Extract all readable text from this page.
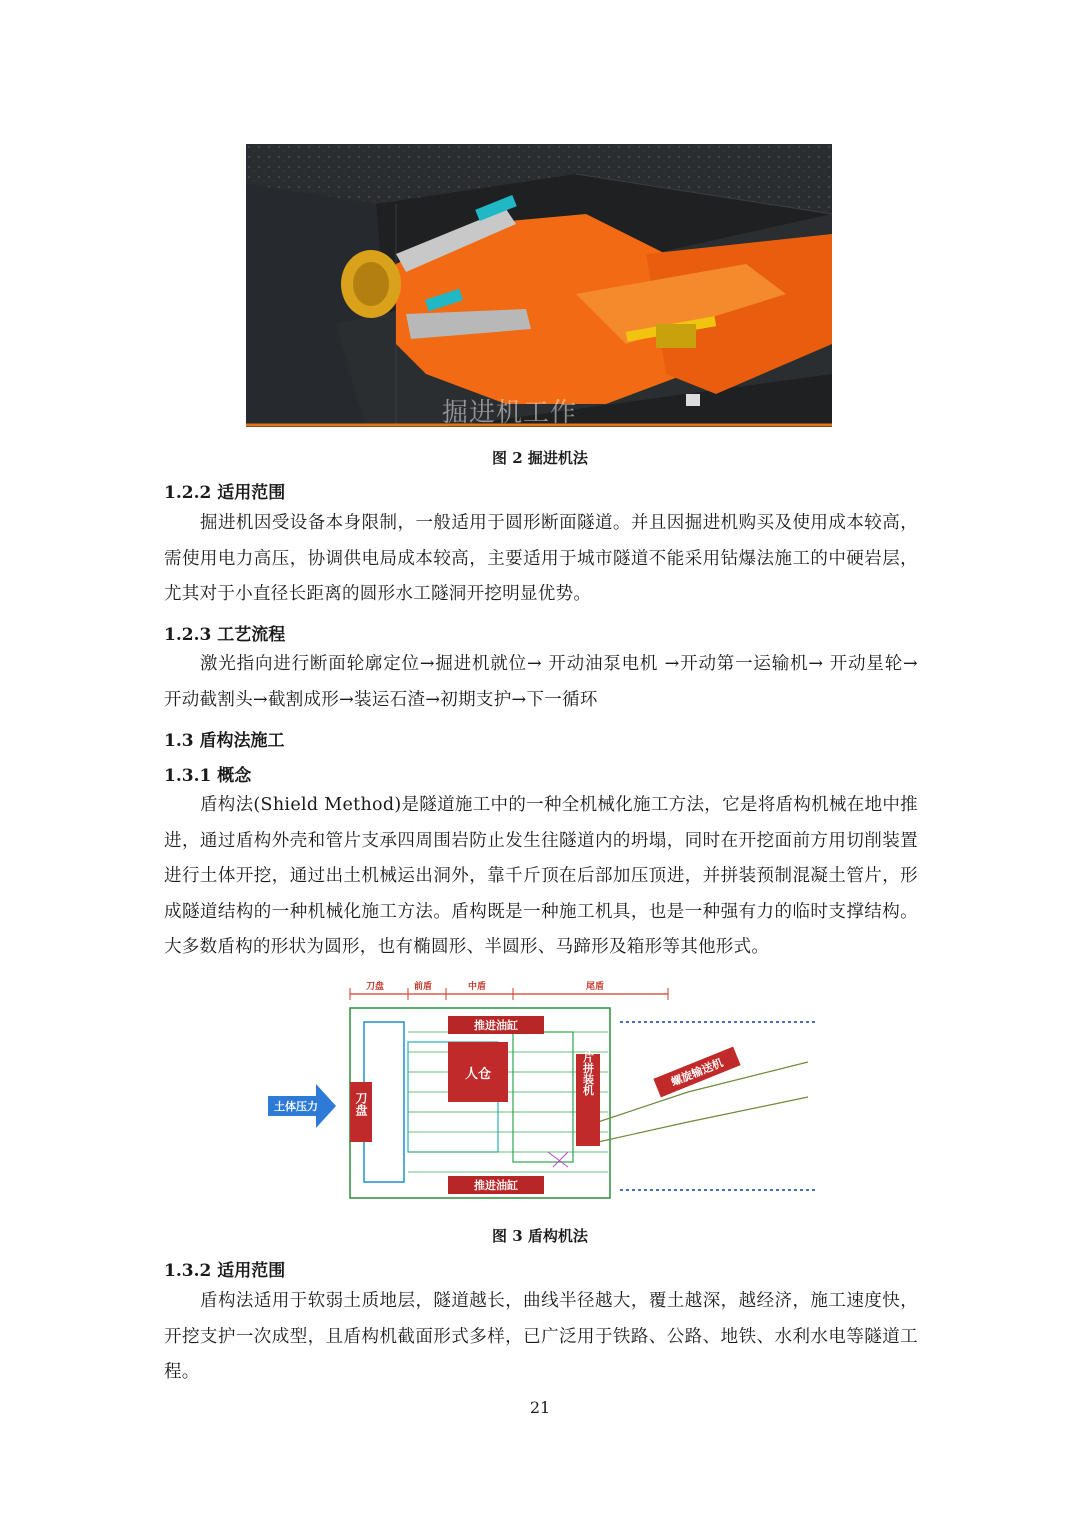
掘进机工作
图 2 掘进机法
1.2.2 适用范围
掘进机因受设备本身限制，一般适用于圆形断面隧道。并且因掘进机购买及使用成本较高，需使用电力高压，协调供电局成本较高，主要适用于城市隧道不能采用钻爆法施工的中硬岩层，尤其对于小直径长距离的圆形水工隧洞开挖明显优势。
1.2.3 工艺流程
激光指向进行断面轮廓定位→掘进机就位→ 开动油泵电机 →开动第一运输机→ 开动星轮→ 开动截割头→截割成形→装运石渣→初期支护→下一循环
1.3 盾构法施工
1.3.1 概念
盾构法(Shield Method)是隧道施工中的一种全机械化施工方法，它是将盾构机械在地中推进，通过盾构外壳和管片支承四周围岩防止发生往隧道内的坍塌，同时在开挖面前方用切削装置进行土体开挖，通过出土机械运出洞外，靠千斤顶在后部加压顶进，并拼装预制混凝土管片，形成隧道结构的一种机械化施工方法。盾构既是一种施工机具，也是一种强有力的临时支撑结构。大多数盾构的形状为圆形，也有椭圆形、半圆形、马蹄形及箱形等其他形式。
刀盘	前盾	中盾	尾盾
推进油缸
推进油缸
人仓
刀盘
管片拼装机	螺旋输送机
土体压力
图 3 盾构机法
1.3.2 适用范围
盾构法适用于软弱土质地层，隧道越长，曲线半径越大，覆土越深，越经济，施工速度快，开挖支护一次成型，且盾构机截面形式多样，已广泛用于铁路、公路、地铁、水利水电等隧道工程。
21
